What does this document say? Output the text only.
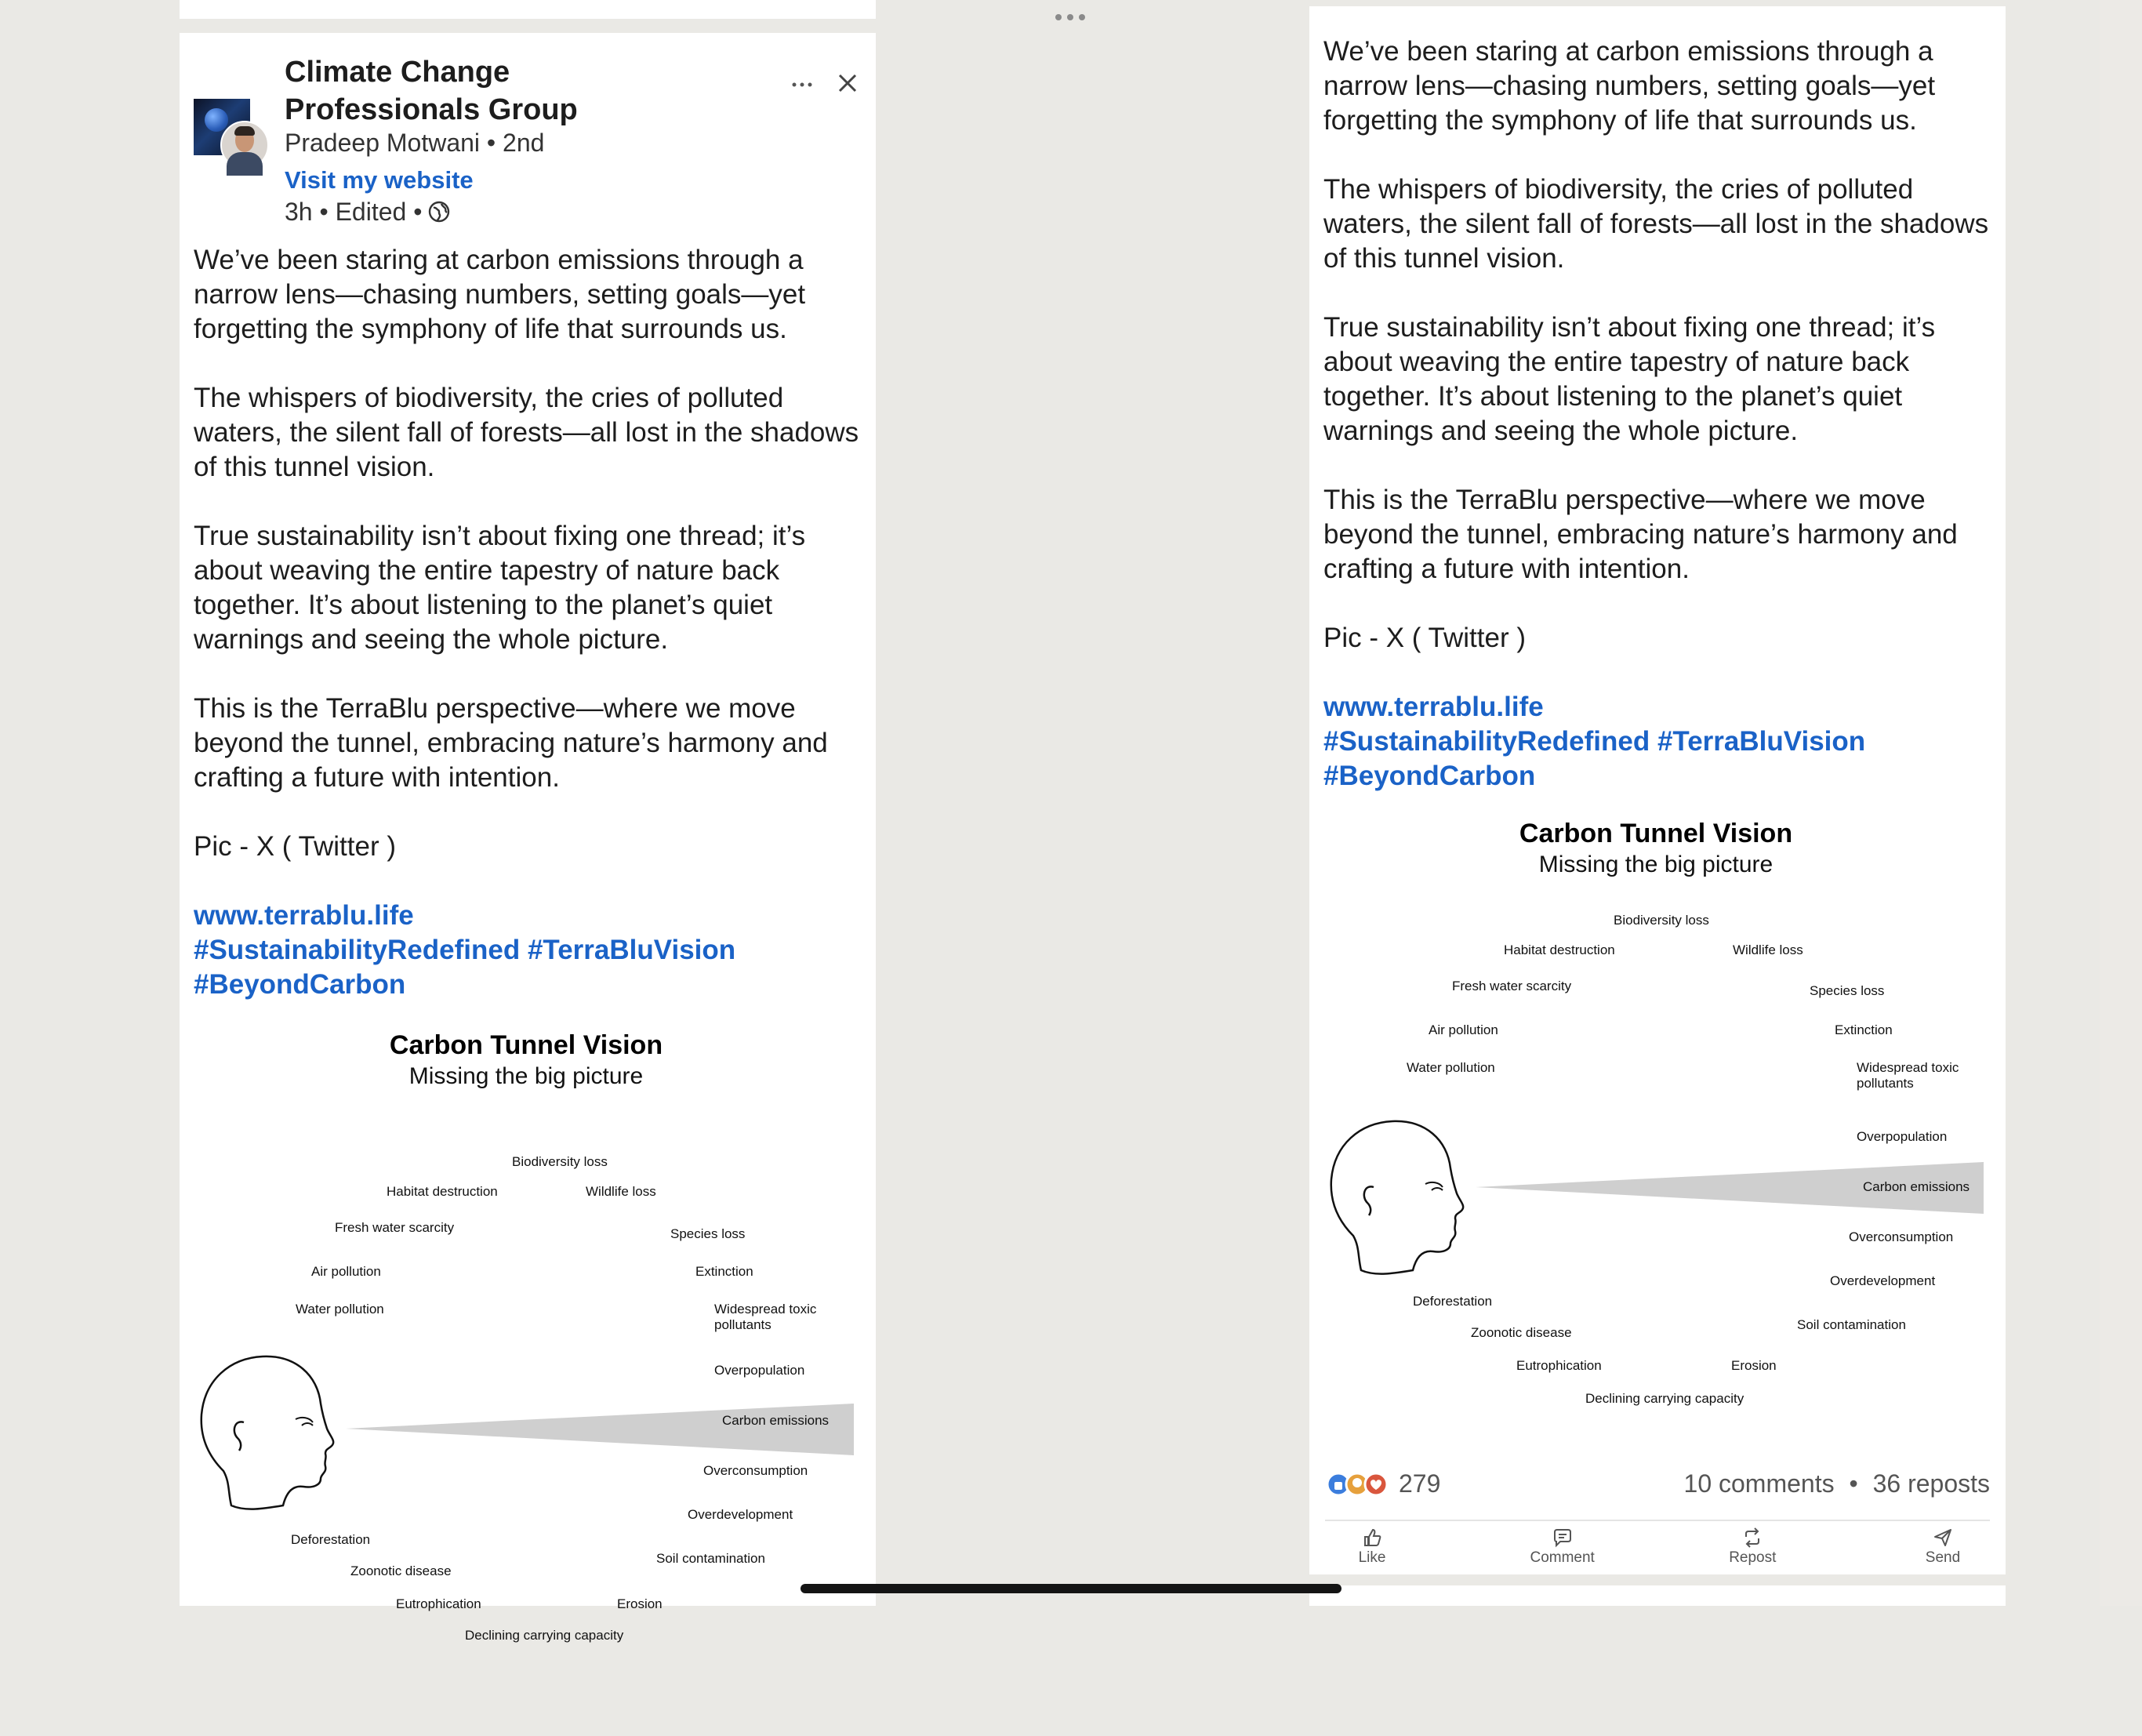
Climate Change Professionals Group
Pradeep Motwani • 2nd
Visit my website
3h • Edited •

We’ve been staring at carbon emissions through a narrow lens—chasing numbers, setting goals—yet forgetting the symphony of life that surrounds us.

The whispers of biodiversity, the cries of polluted waters, the silent fall of forests—all lost in the shadows of this tunnel vision.

True sustainability isn’t about fixing one thread; it’s about weaving the entire tapestry of nature back together. It’s about listening to the planet’s quiet warnings and seeing the whole picture.

This is the TerraBlu perspective—where we move beyond the tunnel, embracing nature’s harmony and crafting a future with intention.

Pic - X ( Twitter )

www.terrablu.life
#SustainabilityRedefined #TerraBluVision
#BeyondCarbon
Carbon Tunnel Vision
Missing the big picture
Biodiversity loss
Habitat destruction	Wildlife loss
Fresh water scarcity	Species loss
Air pollution	Extinction
Water pollution	Widespread toxic pollutants
Overpopulation
Carbon emissions
Overconsumption
Overdevelopment
Deforestation
Soil contamination
Zoonotic disease
Eutrophication	Erosion
Declining carrying capacity

We’ve been staring at carbon emissions through a narrow lens—chasing numbers, setting goals—yet forgetting the symphony of life that surrounds us.

The whispers of biodiversity, the cries of polluted waters, the silent fall of forests—all lost in the shadows of this tunnel vision.

True sustainability isn’t about fixing one thread; it’s about weaving the entire tapestry of nature back together. It’s about listening to the planet’s quiet warnings and seeing the whole picture.

This is the TerraBlu perspective—where we move beyond the tunnel, embracing nature’s harmony and crafting a future with intention.

Pic - X ( Twitter )

www.terrablu.life
#SustainabilityRedefined #TerraBluVision
#BeyondCarbon
Carbon Tunnel Vision
Missing the big picture
Biodiversity loss
Habitat destruction	Wildlife loss
Fresh water scarcity	Species loss
Air pollution	Extinction
Water pollution	Widespread toxic pollutants
Overpopulation
Carbon emissions
Overconsumption
Overdevelopment
Deforestation
Soil contamination
Zoonotic disease
Eutrophication	Erosion
Declining carrying capacity
279	10 comments • 36 reposts
Like	Comment	Repost	Send
